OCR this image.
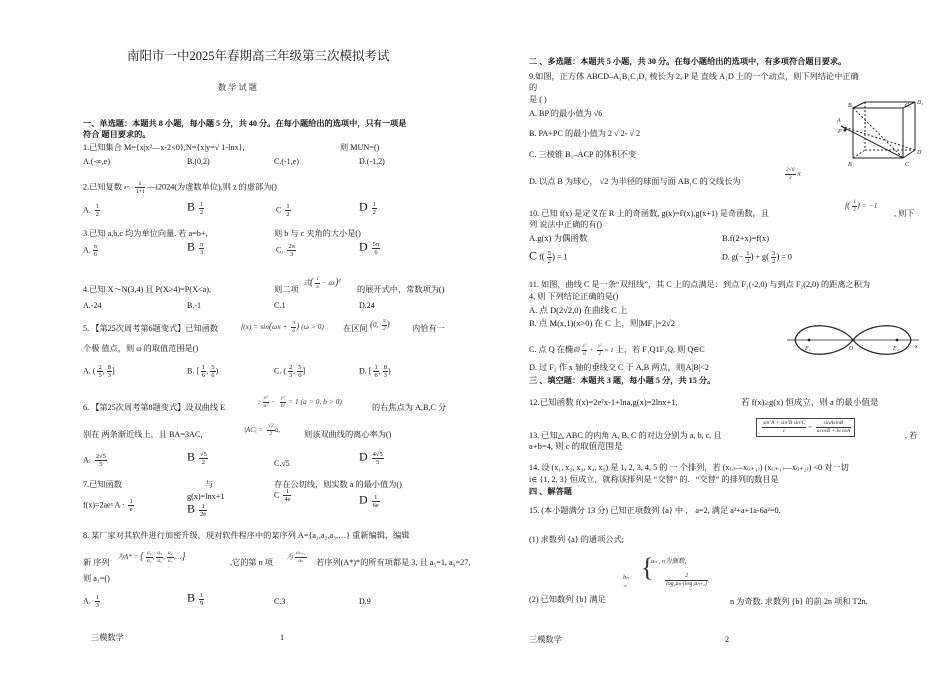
南阳市一中2025年春期高三年级第三次模拟考试
数 学 试 题
一、单选题：本题共 8 小题，每小题 5 分，共 40 分。在每小题给出的选项中，只有一项是
符合 题目要求的。
1.已知集合 M={x|x²—x-2<0},N={x|y=√ 1-lnx},	则 MUN=()
A.(-∞,e)	B.(0,2)	C.(-1,e)	D.(-1,2)
2.已知复数 $z= \frac{i}{1+i}$ —i2024(为虚数单位),则 z 的虚部为()
A. $\frac{1}{2}$	B $\frac{1}{2}$	C $\frac{1}{2}$	D $\frac{1}{2}$
3.已知 a,b,c 均为单位向量. 若 a=b+,	则 b 与 c 夹角的大小是()
A. $\frac{\pi}{6}$	B $\frac{\pi}{3}$	C. $\frac{2\pi}{3}$	D $\frac{5\pi}{6}$
4.已知 X～N(3,4) 且 P(X>4)=P(X<a),	则二项
式( $\frac{1}{x} - ax)^4$
的展开式中，常数项为()
A.-24	B.-1	C.1	D.24
5. 【第25次周考第6题变式】已知函数	$f(x) = \sin(\omega x + \frac{\pi}{6}$ ) (ω > 0) 在区间 (0, $\frac{\pi}{2}$ )	内恰有一
个极 值点，则 ω 的取值范围是()
A. ( $\frac{2}{3}$ , $\frac{8}{3}$ ]	B. [ $\frac{1}{6}$ , $\frac{5}{6}$ )	C. ( $\frac{2}{3}$ , $\frac{5}{6}$ ]	D. [ $\frac{1}{6}$ , $\frac{8}{3}$ )
6. 【第25次周考第8题变式】设双曲线 E
: $\frac{\text{x²}}{\text{a²}} - \frac{\text{y²}}{\text{b²}} = 1$ (a > 0, b > 0)
的右焦点为 A,B,C 分
别在 两条渐近线上，且 BA=3AC,	$|AC| = \frac{√2}{2} a$,	则该双曲线的离心率为()
A. $\frac{2√5}{5}$	B $\frac{√5}{2}$	C.√5
D $\frac{4√5}{5}$
7.已知函数	与	存在公切线，则实数 a 的最小值为()
g(x)=lnx+1
f(x)=2aeˣ $A \cdot \frac{1}{e}$	B $\frac{1}{2e}$
C $\frac{1}{4e}$	D $\frac{1}{6e}$
8. 某厂家对其软件进行加密升级，现对软件程序中的某序列 A={a₁,a₂,a₃,…} 重新编辑，编辑
新 序列
为A* = { $\frac{\text{a₂}}{\text{a₁}}$ , $\frac{\text{a₃}}{\text{a₂}}$ , $\frac{\text{a₄}}{\text{a₃}}$ ,…}
,它的第 n 项
为 $\frac{\text{aₙ₊₁}}{\text{aₙ}}$ 若序列(A*)*的所有项都是 3, 且 a₅=1, a₉=27,
则 a₁=()
A. $\frac{1}{3}$	B $\frac{1}{9}$	C.3	D.9
三模数学	1
二 、多选题：本题共 5 小题，共 30 分。在每小题给出的选项中，有多项符合题目要求。
9.如图，正方体 ABCD–A₁B₁C₁D₁ 棱长为 2, P 是 直线 A₁D 上的一个动点，则下列结论中正确
的
是 ( )
A. BP 的最小值为 √6
B. PA+PC 的最小值为 2 √ 2- √ 2
C. 三棱锥 B₁–ACP 的体积不变
D. 以点 B 为球心， √2 为半径的球面与面 AB₁C 的交线长为	$\frac{2√6}{3}$ π
B₁	C₁ D₁
A
P
B	C
D
10. 已知 f(x) 是定义在 R 上的奇函数, g(x)=f'(x),g(x+1) 是奇函数，且
$f( \frac{1}{2}$ ) = −1
, 则下
列 说法中正确的有()
A.g(x) 为偶函数	B.f(2+x)=f(x)
C $f( \frac{5}{2}$ ) = 1	D. $g(- \frac{1}{2}$ ) + $g( \frac{3}{2}$ ) = 0
11. 如图，曲线 C 是一条“双纽线”，其 C 上的点满足：到点 F₁(-2,0) 与到点 F₂(2,0) 的距离之积为
4, 则 下列结论正确的是()
A. 点 D(2√2,0) 在曲线 C 上
B. 点 M(x,1)(x>0) 在 C 上，则|MF₁|=2√2
C. 点 Q 在椭圆 $\frac{\text{x²}}{6} + \frac{\text{y²}}{2} = 1$ 上，若 F₁Q1F₂Q, 则 Q∈C
D. 过 F₂ 作 x 轴的垂线交 C 于 A,B 两点，则|A|B|<2
F₁	O	F₂	x
三 、填空题：本题共 3 题，每小题 5 分，共 15 分。
12.已知函数 f(x)=2e²x-1+lna,g(x)=2lnx+1,	若 f(x)≥g(x) 恒成立，则 a 的最小值是
13. 已知△ ABC 的内角 A, B, C 的对边分别为 a, b, c, 且
$\frac{\text{sin²A + sin²B sin²C}}{c} = \frac{\text{sinAsinB}}{acosB + bcosA}$
, 若
a+b=4, 则 c 的取值范围是
14. 设 (x₁, x₂, x₃, x₄, x₅) 是 1, 2, 3, 4, 5 的 一 个排列，若 (x₍ᵢ₎—x₍ᵢ₊₁₎) (x₍ᵢ₊₁₎—x₍ᵢ₊₂₎) <0 对一切
i∈ {1, 2, 3} 恒成立，就称该排列是 “交替” 的．“交替” 的排列的数目是
四 、解答题
15. (本小题满分 13 分) 已知正项数列 {a} 中 ， a=2, 满足 a²+a+1a-6a²=0.
(1) 求数列 {a} 的通项公式;
(2) 已知数列 {b} 满足
bₙ =
{
aₙ , n为偶数,
$\frac{2}{\text{log₂aₙ·(log₂aₙ₊₂)}}$ ,
n 为奇数. 求数列 {b} 的前 2n 项和 T2n.
三模数学	2
